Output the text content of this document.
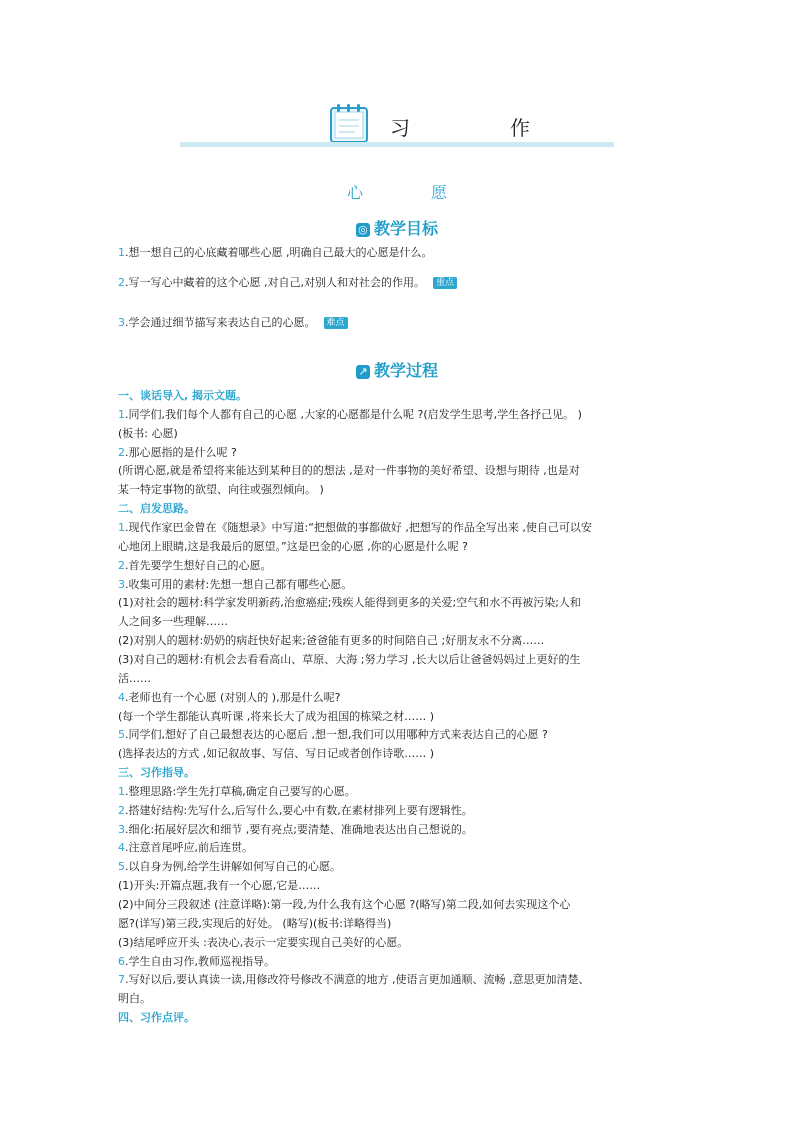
习　作
心　愿
◎ 教学目标
1.想一想自己的心底藏着哪些心愿 ,明确自己最大的心愿是什么。
2.写一写心中藏着的这个心愿 ,对自己,对别人和对社会的作用。 重点
3.学会通过细节描写来表达自己的心愿。 难点
↗ 教学过程
一、谈话导入, 揭示文题。
1.同学们,我们每个人都有自己的心愿 ,大家的心愿都是什么呢 ?(启发学生思考,学生各抒己见。 )
(板书: 心愿)
2.那心愿指的是什么呢 ?
(所谓心愿,就是希望将来能达到某种目的的想法 ,是对一件事物的美好希望、设想与期待 ,也是对
某一特定事物的欲望、向往或强烈倾向。 )
二、启发思路。
1.现代作家巴金曾在《随想录》中写道:“把想做的事都做好 ,把想写的作品全写出来 ,使自己可以安
心地闭上眼睛,这是我最后的愿望。”这是巴金的心愿 ,你的心愿是什么呢 ?
2.首先要学生想好自己的心愿。
3.收集可用的素材:先想一想自己都有哪些心愿。
(1)对社会的题材:科学家发明新药,治愈癌症;残疾人能得到更多的关爱;空气和水不再被污染;人和
人之间多一些理解……
(2)对别人的题材:奶奶的病赶快好起来;爸爸能有更多的时间陪自己 ;好朋友永不分离……
(3)对自己的题材:有机会去看看高山、草原、大海 ;努力学习 ,长大以后让爸爸妈妈过上更好的生
活……
4.老师也有一个心愿 (对别人的 ),那是什么呢?
(每一个学生都能认真听课 ,将来长大了成为祖国的栋梁之材…… )
5.同学们,想好了自己最想表达的心愿后 ,想一想,我们可以用哪种方式来表达自己的心愿 ?
(选择表达的方式 ,如记叙故事、写信、写日记或者创作诗歌…… )
三、习作指导。
1.整理思路:学生先打草稿,确定自己要写的心愿。
2.搭建好结构:先写什么,后写什么,要心中有数,在素材排列上要有逻辑性。
3.细化:拓展好层次和细节 ,要有亮点;要清楚、准确地表达出自己想说的。
4.注意首尾呼应,前后连贯。
5.以自身为例,给学生讲解如何写自己的心愿。
(1)开头:开篇点题,我有一个心愿,它是……
(2)中间分三段叙述 (注意详略):第一段,为什么我有这个心愿 ?(略写)第二段,如何去实现这个心
愿?(详写)第三段,实现后的好处。 (略写)(板书:详略得当)
(3)结尾呼应开头 :表决心,表示一定要实现自己美好的心愿。
6.学生自由习作,教师巡视指导。
7.写好以后,要认真读一读,用修改符号修改不满意的地方 ,使语言更加通顺、流畅 ,意思更加清楚、
明白。
四、习作点评。
